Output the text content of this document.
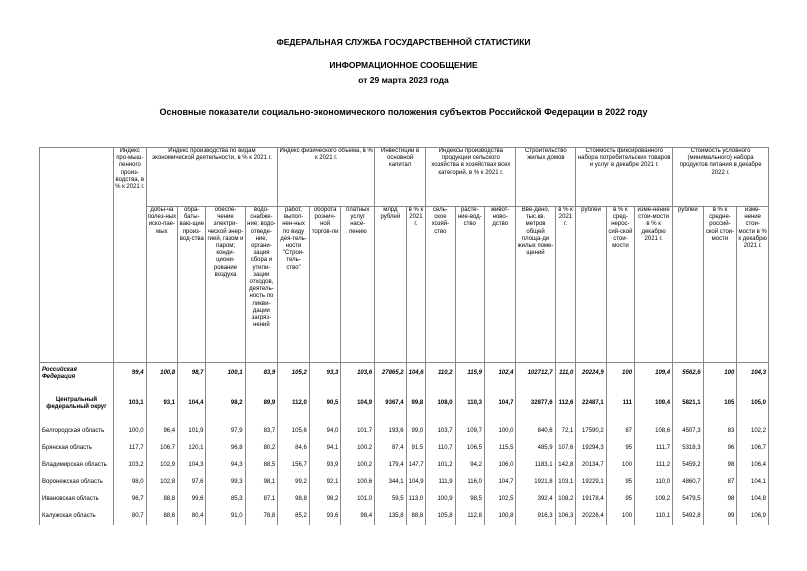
ФЕДЕРАЛЬНАЯ СЛУЖБА ГОСУДАРСТВЕННОЙ СТАТИСТИКИ
ИНФОРМАЦИОННОЕ СООБЩЕНИЕ
от 29 марта 2023 года
Основные показатели социально-экономического положения субъектов Российской Федерации в 2022 году
	Индекс про-мыш-ленного произ-водства, в % к 2021 г.	Индекс производства по видам экономической деятельности, в % к 2021 г.				Индекс физического объема, в % к 2021 г.			Инвестиции в основной капитал		Индексы производства продукции сельского хозяйства в хозяйствах всех категорий, в % к 2021 г.			Строительство жилых домов		Стоимость фиксированного набора потребительских товаров и услуг в декабре 2021 г.			Стоимость условного (минимального) набора продуктов питания в декабре 2022 г.		
		добы-ча полез-ных иско-пае-мых	обра-баты-ваю-щие произ-вод-ства	обеспе-чение электри-ческой энер-гией, газом и паром; конди-циони-рование воздуха	водо-снабже-ние; водо-отведе-ние, органи-зация сбора и утили-зации отходов, деятель-ность по ликви-дации загряз-нений	работ, выпол-нен-ных по виду дея-тель-ности "Строи-тель-ство"	оборота рознич-ной торгов-ли	платных услуг насе-лению	млрд рублей	в % к 2021 г.	сель-ское хозяй-ство	расте-ние-вод-ство	живот-ново-дство	Вве-дено, тыс.кв. метров общей площа-ди жилых поме-щений	в % к 2021 г.	рублей	в % к сред-нерос-сий-ской стои-мости	изме-нение стои-мости в % к декабрю 2021 г.	рублей	в % к средне-россий-ской стои-мости	изме-нение стои-мости в % к декабрю 2021 г.
Российская Федерация	99,4	100,8	98,7	100,1	83,9	105,2	93,3	103,6	27865,2	104,6	110,2	115,9	102,4	102712,7	111,0	20224,9	100	109,4	5562,6	100	104,3
Центральный федеральный округ	103,1	93,1	104,4	98,2	89,9	112,0	90,5	104,9	9367,4	99,8	108,0	110,3	104,7	32877,6	112,6	22487,1	111	109,4	5821,1	105	105,0
Белгородская область	100,0	96,4	101,9	97,9	83,7	105,6	94,0	101,7	193,6	99,0	103,7	109,7	100,0	840,6	72,1	17590,2	87	108,6	4507,3	83	102,2
Брянская область	117,7	106,7	120,1	96,8	80,2	84,6	94,1	100,2	87,4	91,5	110,7	106,5	115,5	485,9	107,6	19294,3	95	111,7	5318,3	96	106,7
Владимирская область	103,2	102,9	104,3	94,3	88,5	156,7	93,9	100,2	179,4	147,7	101,2	94,2	106,0	1183,1	142,8	20134,7	100	111,2	5459,2	98	106,4
Воронежская область	98,0	102,8	97,6	99,3	98,1	99,2	92,1	100,6	344,1	104,9	111,9	116,0	104,7	1921,8	103,1	19229,1	95	110,0	4860,7	87	104,1
Ивановская область	96,7	88,8	99,6	85,3	87,1	98,8	98,2	101,0	59,5	113,0	100,9	98,5	102,5	392,4	108,2	19178,4	95	109,2	5479,5	98	104,8
Калужская область	80,7	88,6	80,4	91,0	78,8	85,2	93,6	98,4	135,8	88,8	105,8	112,8	100,8	916,3	106,3	20226,4	100	110,1	5492,8	99	106,9
